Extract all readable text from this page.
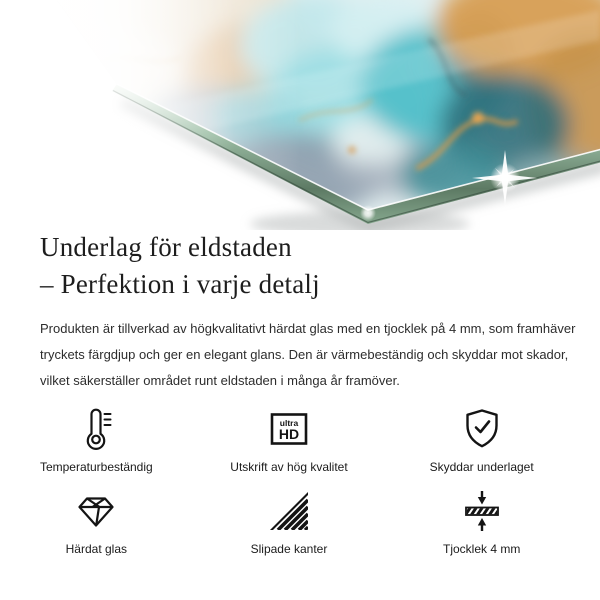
Underlag för eldstaden
– Perfektion i varje detalj
Produkten är tillverkad av högkvalitativt härdat glas med en tjocklek på 4 mm, som framhäver
tryckets färgdjup och ger en elegant glans. Den är värmebeständig och skyddar mot skador,
vilket säkerställer området runt eldstaden i många år framöver.
Temperaturbeständig
ultra
HD
Utskrift av hög kvalitet	Skyddar underlaget
Härdat glas	Slipade kanter	Tjocklek 4 mm
